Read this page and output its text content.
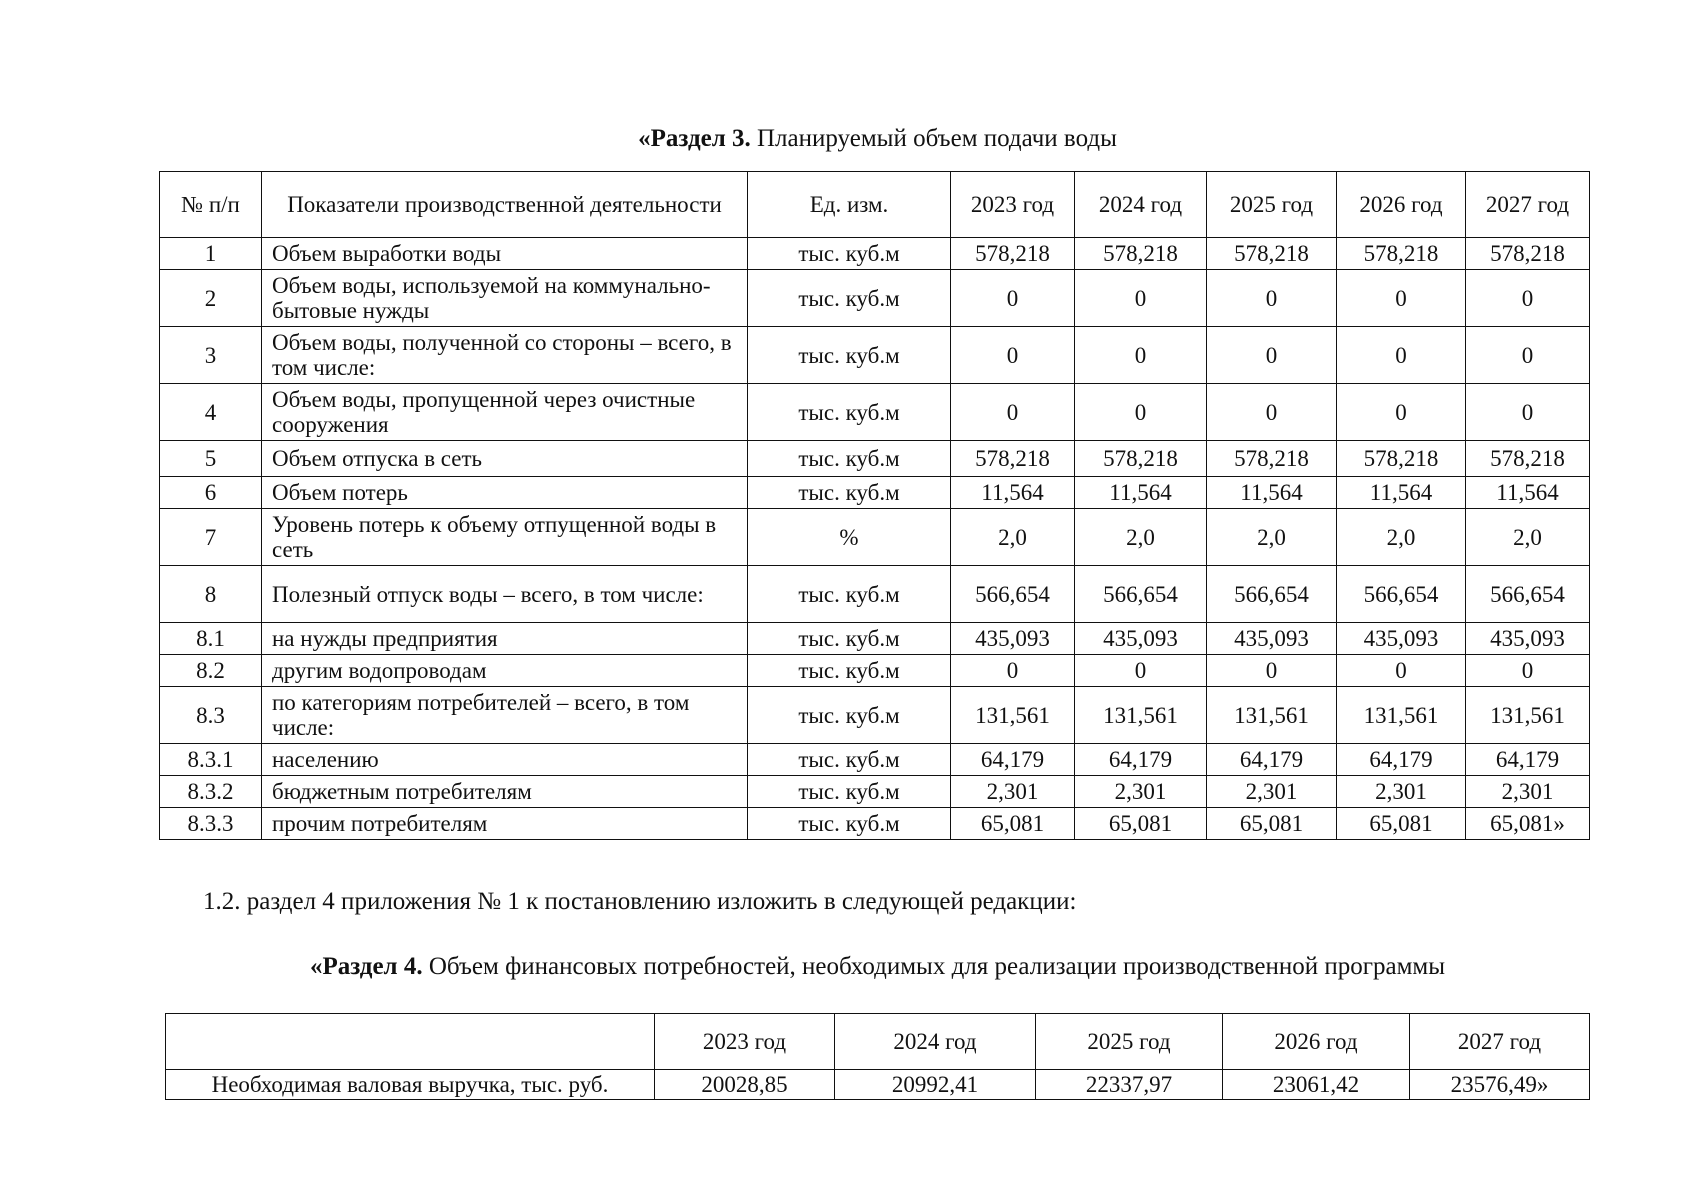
«Раздел 3. Планируемый объем подачи воды
№ п/п	Показатели производственной деятельности	Ед. изм.	2023 год	2024 год	2025 год	2026 год	2027 год
1	Объем выработки воды	тыс. куб.м	578,218	578,218	578,218	578,218	578,218
2	Объем воды, используемой на коммунально-бытовые нужды	тыс. куб.м	0	0	0	0	0
3	Объем воды, полученной со стороны – всего, в том числе:	тыс. куб.м	0	0	0	0	0
4	Объем воды, пропущенной через очистные сооружения	тыс. куб.м	0	0	0	0	0
5	Объем отпуска в сеть	тыс. куб.м	578,218	578,218	578,218	578,218	578,218
6	Объем потерь	тыс. куб.м	11,564	11,564	11,564	11,564	11,564
7	Уровень потерь к объему отпущенной воды в сеть	%	2,0	2,0	2,0	2,0	2,0
8	Полезный отпуск воды – всего, в том числе:	тыс. куб.м	566,654	566,654	566,654	566,654	566,654
8.1	на нужды предприятия	тыс. куб.м	435,093	435,093	435,093	435,093	435,093
8.2	другим водопроводам	тыс. куб.м	0	0	0	0	0
8.3	по категориям потребителей – всего, в том числе:	тыс. куб.м	131,561	131,561	131,561	131,561	131,561
8.3.1	населению	тыс. куб.м	64,179	64,179	64,179	64,179	64,179
8.3.2	бюджетным потребителям	тыс. куб.м	2,301	2,301	2,301	2,301	2,301
8.3.3	прочим потребителям	тыс. куб.м	65,081	65,081	65,081	65,081	65,081»
1.2. раздел 4 приложения № 1 к постановлению изложить в следующей редакции:
«Раздел 4. Объем финансовых потребностей, необходимых для реализации производственной программы
	2023 год	2024 год	2025 год	2026 год	2027 год
Необходимая валовая выручка, тыс. руб.	20028,85	20992,41	22337,97	23061,42	23576,49»
